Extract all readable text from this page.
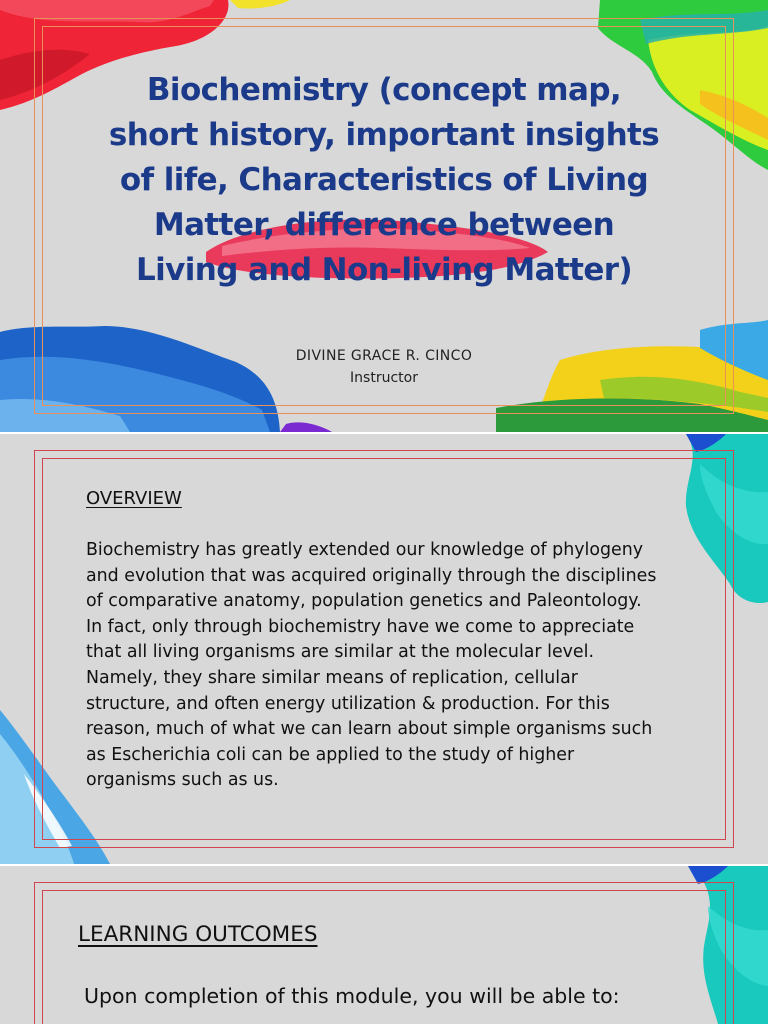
Biochemistry (concept map, short history, important insights of life, Characteristics of Living Matter, difference between Living and Non-living Matter)
DIVINE GRACE R. CINCO
Instructor
OVERVIEW

Biochemistry has greatly extended our knowledge of phylogeny and evolution that was acquired originally through the disciplines of comparative anatomy, population genetics and Paleontology. In fact, only through biochemistry have we come to appreciate that all living organisms are similar at the molecular level. Namely, they share similar means of replication, cellular structure, and often energy utilization & production. For this reason, much of what we can learn about simple organisms such as Escherichia coli can be applied to the study of higher organisms such as us.

LEARNING OUTCOMES

Upon completion of this module, you will be able to:
